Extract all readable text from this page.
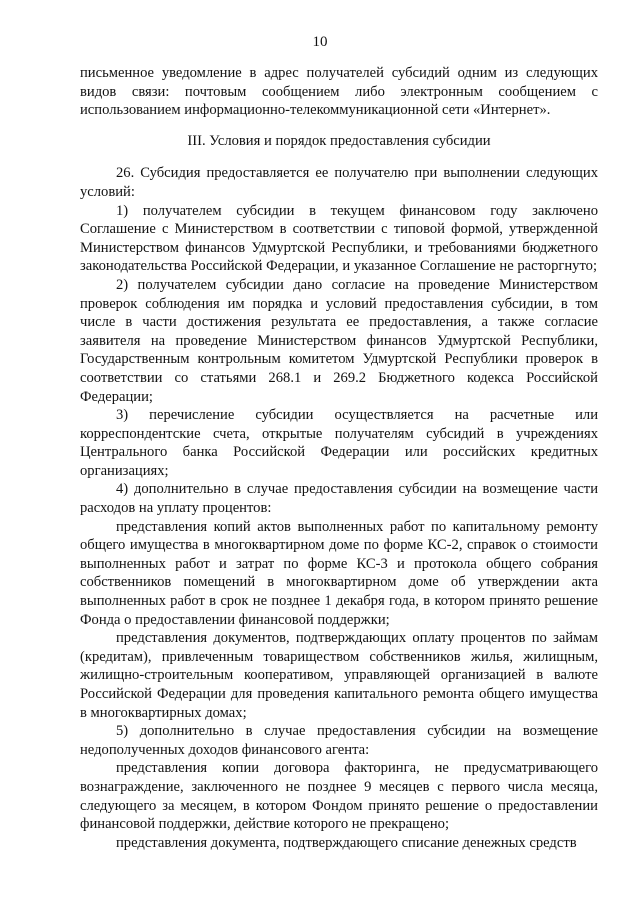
10

письменное уведомление в адрес получателей субсидий одним из следующих видов связи: почтовым сообщением либо электронным сообщением с использованием информационно-телекоммуникационной сети «Интернет».

III. Условия и порядок предоставления субсидии

26. Субсидия предоставляется ее получателю при выполнении следующих условий:

1) получателем субсидии в текущем финансовом году заключено Соглашение с Министерством в соответствии с типовой формой, утвержденной Министерством финансов Удмуртской Республики, и требованиями бюджетного законодательства Российской Федерации, и указанное Соглашение не расторгнуто;

2) получателем субсидии дано согласие на проведение Министерством проверок соблюдения им порядка и условий предоставления субсидии, в том числе в части достижения результата ее предоставления, а также согласие заявителя на проведение Министерством финансов Удмуртской Республики, Государственным контрольным комитетом Удмуртской Республики проверок в соответствии со статьями 268.1 и 269.2 Бюджетного кодекса Российской Федерации;

3) перечисление субсидии осуществляется на расчетные или корреспондентские счета, открытые получателям субсидий в учреждениях Центрального банка Российской Федерации или российских кредитных организациях;

4) дополнительно в случае предоставления субсидии на возмещение части расходов на уплату процентов:

представления копий актов выполненных работ по капитальному ремонту общего имущества в многоквартирном доме по форме КС-2, справок о стоимости выполненных работ и затрат по форме КС-3 и протокола общего собрания собственников помещений в многоквартирном доме об утверждении акта выполненных работ в срок не позднее 1 декабря года, в котором принято решение Фонда о предоставлении финансовой поддержки;

представления документов, подтверждающих оплату процентов по займам (кредитам), привлеченным товариществом собственников жилья, жилищным, жилищно-строительным кооперативом, управляющей организацией в валюте Российской Федерации для проведения капитального ремонта общего имущества в многоквартирных домах;

5) дополнительно в случае предоставления субсидии на возмещение недополученных доходов финансового агента:

представления копии договора факторинга, не предусматривающего вознаграждение, заключенного не позднее 9 месяцев с первого числа месяца, следующего за месяцем, в котором Фондом принято решение о предоставлении финансовой поддержки, действие которого не прекращено;

представления документа, подтверждающего списание денежных средств
